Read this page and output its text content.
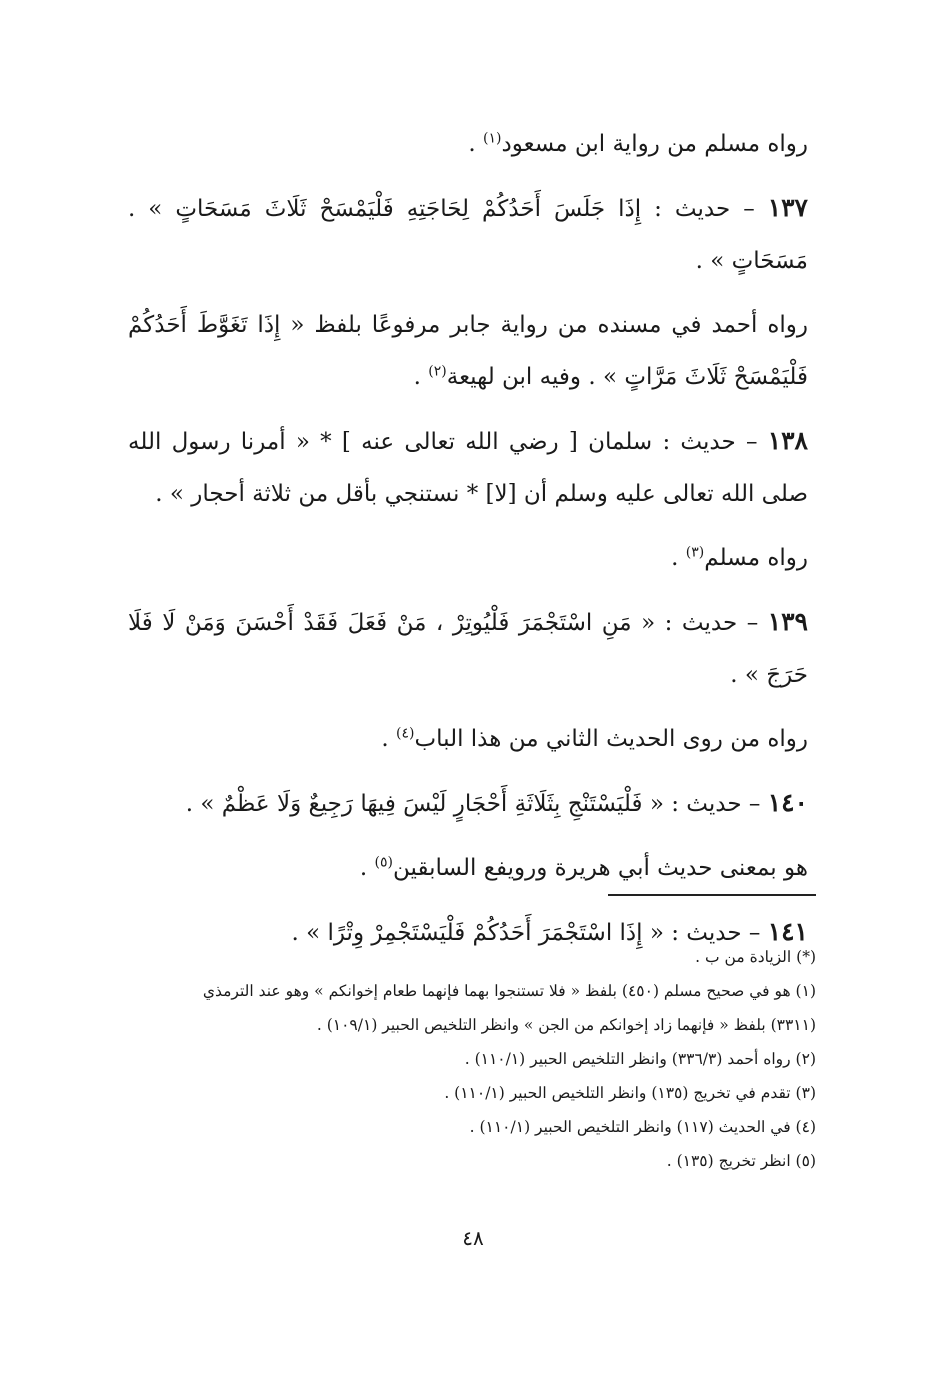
رواه مسلم من رواية ابن مسعود$^{(١)}$ .

١٣٧ – حديث : إِذَا جَلَسَ أَحَدُكُمْ لِحَاجَتِهِ فَلْيَمْسَحْ ثَلَاثَ مَسَحَاتٍ » . مَسَحَاتٍ » .

رواه أحمد في مسنده من رواية جابر مرفوعًا بلفظ « إِذَا تَغَوَّطَ أَحَدُكُمْ فَلْيَمْسَحْ ثَلَاثَ مَرَّاتٍ » . وفيه ابن لهيعة$^{(٢)}$ .

١٣٨ – حديث : سلمان [ رضي الله تعالى عنه ] * « أمرنا رسول الله صلى الله تعالى عليه وسلم أن [لا] * نستنجي بأقل من ثلاثة أحجار » .

رواه مسلم$^{(٣)}$ .

١٣٩ – حديث : « مَنِ اسْتَجْمَرَ فَلْيُوتِرْ ، مَنْ فَعَلَ فَقَدْ أَحْسَنَ وَمَنْ لَا فَلَا حَرَجَ » .

رواه من روى الحديث الثاني من هذا الباب$^{(٤)}$ .

١٤٠ – حديث : « فَلْيَسْتَنْجِ بِثَلَاثَةِ أَحْجَارٍ لَيْسَ فِيهَا رَجِيعٌ وَلَا عَظْمٌ » .

هو بمعنى حديث أبي هريرة ورويفع السابقين$^{(٥)}$ .

١٤١ – حديث : « إِذَا اسْتَجْمَرَ أَحَدُكُمْ فَلْيَسْتَجْمِرْ وِتْرًا » .

(*) الزيادة من ب .

(١) هو في صحيح مسلم (٤٥٠) بلفظ « فلا تستنجوا بهما فإنهما طعام إخوانكم » وهو عند الترمذي

(٣٣١١) بلفظ « فإنهما زاد إخوانكم من الجن » وانظر التلخيص الحبير (١٠٩/١) .

(٢) رواه أحمد (٣٣٦/٣) وانظر التلخيص الحبير (١١٠/١) .

(٣) تقدم في تخريج (١٣٥) وانظر التلخيص الحبير (١١٠/١) .

(٤) في الحديث (١١٧) وانظر التلخيص الحبير (١١٠/١) .

(٥) انظر تخريج (١٣٥) .

٤٨
